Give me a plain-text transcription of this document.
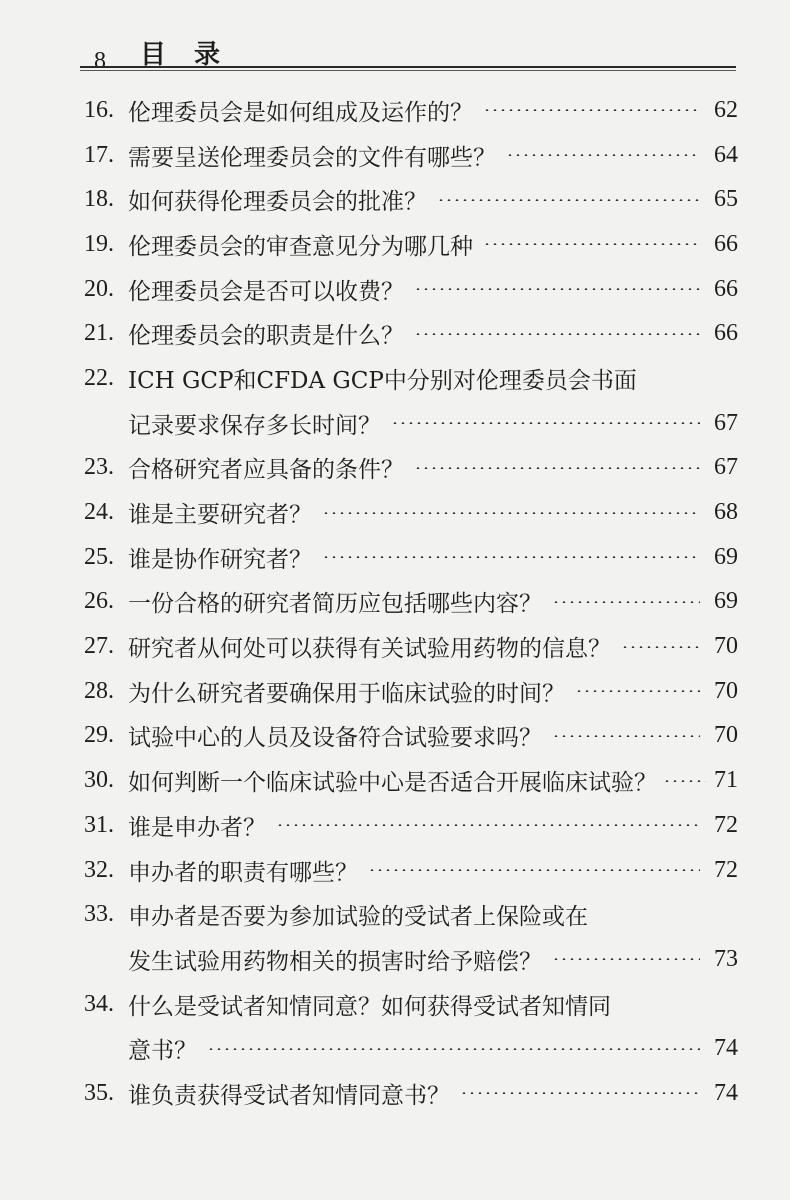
8 目录
16. 伦理委员会是如何组成及运作的？	62
17. 需要呈送伦理委员会的文件有哪些？	64
18. 如何获得伦理委员会的批准？	65
19. 伦理委员会的审查意见分为哪几种	66
20. 伦理委员会是否可以收费？	66
21. 伦理委员会的职责是什么？	66
22. ICH GCP和CFDA GCP中分别对伦理委员会书面
记录要求保存多长时间？	67
23. 合格研究者应具备的条件？	67
24. 谁是主要研究者？	68
25. 谁是协作研究者？	69
26. 一份合格的研究者简历应包括哪些内容？	69
27. 研究者从何处可以获得有关试验用药物的信息？	70
28. 为什么研究者要确保用于临床试验的时间？	70
29. 试验中心的人员及设备符合试验要求吗？	70
30. 如何判断一个临床试验中心是否适合开展临床试验？ 71
31. 谁是申办者？	72
32. 申办者的职责有哪些？	72
33. 申办者是否要为参加试验的受试者上保险或在
发生试验用药物相关的损害时给予赔偿？	73
34. 什么是受试者知情同意？如何获得受试者知情同
意书？	74
35. 谁负责获得受试者知情同意书？	74
